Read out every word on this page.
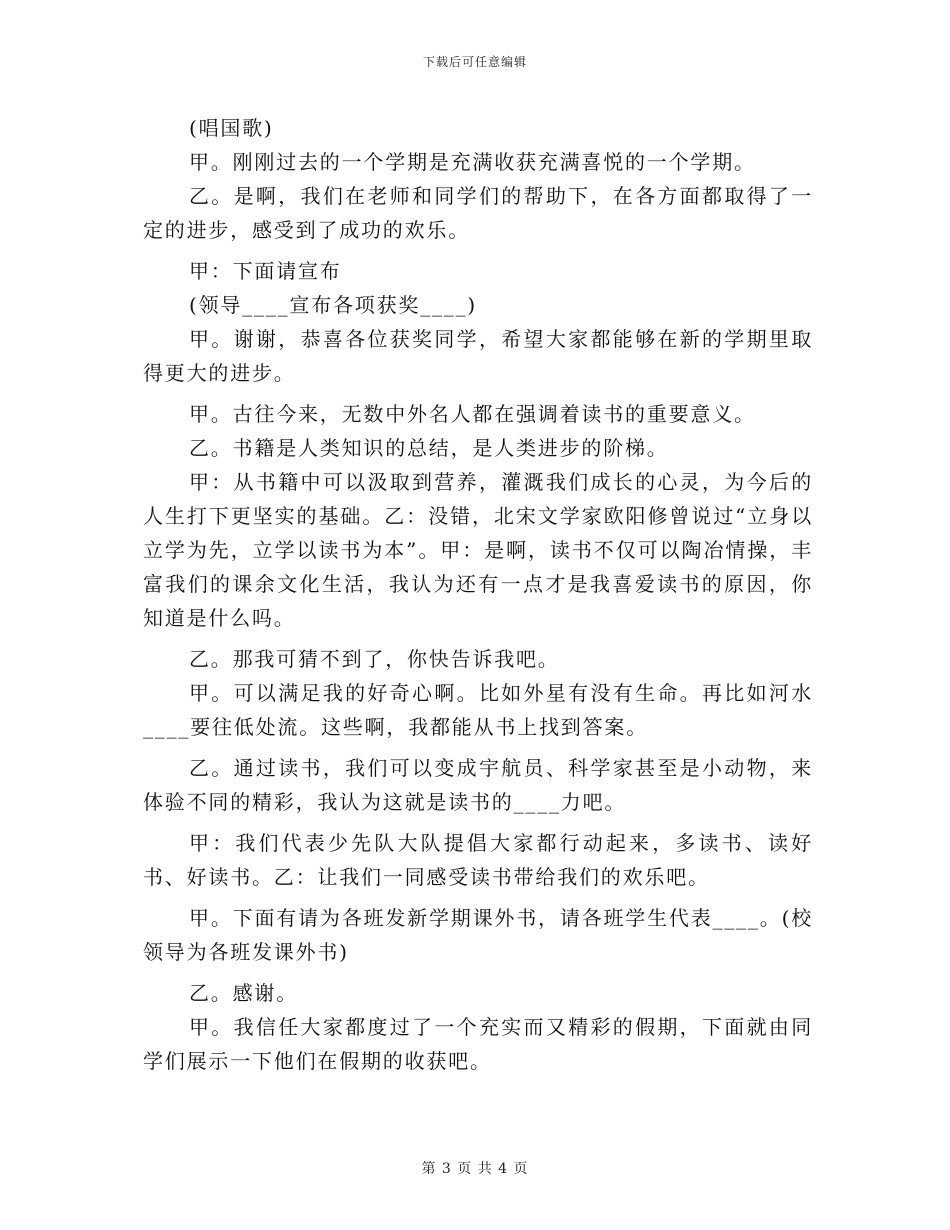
下载后可任意编辑

(唱国歌)

甲。刚刚过去的一个学期是充满收获充满喜悦的一个学期。

乙。是啊，我们在老师和同学们的帮助下，在各方面都取得了一定的进步，感受到了成功的欢乐。

甲：下面请宣布

(领导____宣布各项获奖____)

甲。谢谢，恭喜各位获奖同学，希望大家都能够在新的学期里取得更大的进步。

甲。古往今来，无数中外名人都在强调着读书的重要意义。

乙。书籍是人类知识的总结，是人类进步的阶梯。

甲：从书籍中可以汲取到营养，灌溉我们成长的心灵，为今后的人生打下更坚实的基础。乙：没错，北宋文学家欧阳修曾说过“立身以立学为先，立学以读书为本”。甲：是啊，读书不仅可以陶冶情操，丰富我们的课余文化生活，我认为还有一点才是我喜爱读书的原因，你知道是什么吗。

乙。那我可猜不到了，你快告诉我吧。

甲。可以满足我的好奇心啊。比如外星有没有生命。再比如河水____要往低处流。这些啊，我都能从书上找到答案。

乙。通过读书，我们可以变成宇航员、科学家甚至是小动物，来体验不同的精彩，我认为这就是读书的____力吧。

甲：我们代表少先队大队提倡大家都行动起来，多读书、读好书、好读书。乙：让我们一同感受读书带给我们的欢乐吧。

甲。下面有请为各班发新学期课外书，请各班学生代表____。(校领导为各班发课外书)

乙。感谢。

甲。我信任大家都度过了一个充实而又精彩的假期，下面就由同学们展示一下他们在假期的收获吧。

第 3 页 共 4 页
